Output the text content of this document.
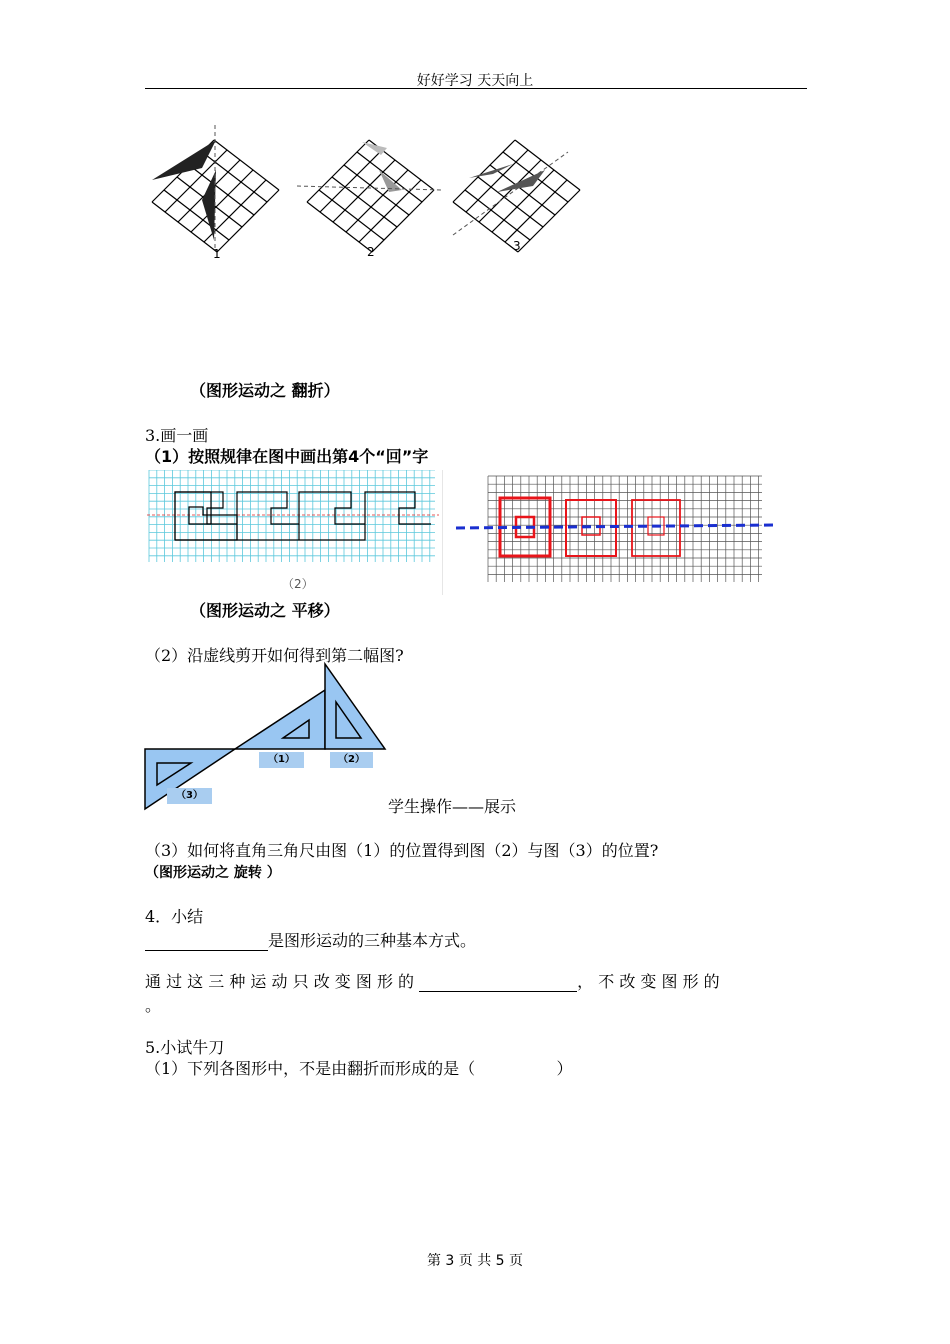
好好学习 天天向上
1	2	3
（图形运动之 翻折）
3.画一画
（1）按照规律在图中画出第4个“回”字
（2）
（图形运动之 平移）
（2）沿虚线剪开如何得到第二幅图?
（1）	（2）
（3）
学生操作——展示
（3）如何将直角三角尺由图（1）的位置得到图（2）与图（3）的位置?
（图形运动之 旋转 ）
4．小结
是图形运动的三种基本方式。
通 过 这 三 种 运 动 只 改 变 图 形 的	， 不 改 变 图 形 的
。
5.小试牛刀
（1）下列各图形中，不是由翻折而形成的是（                ）
第 3 页 共 5 页
